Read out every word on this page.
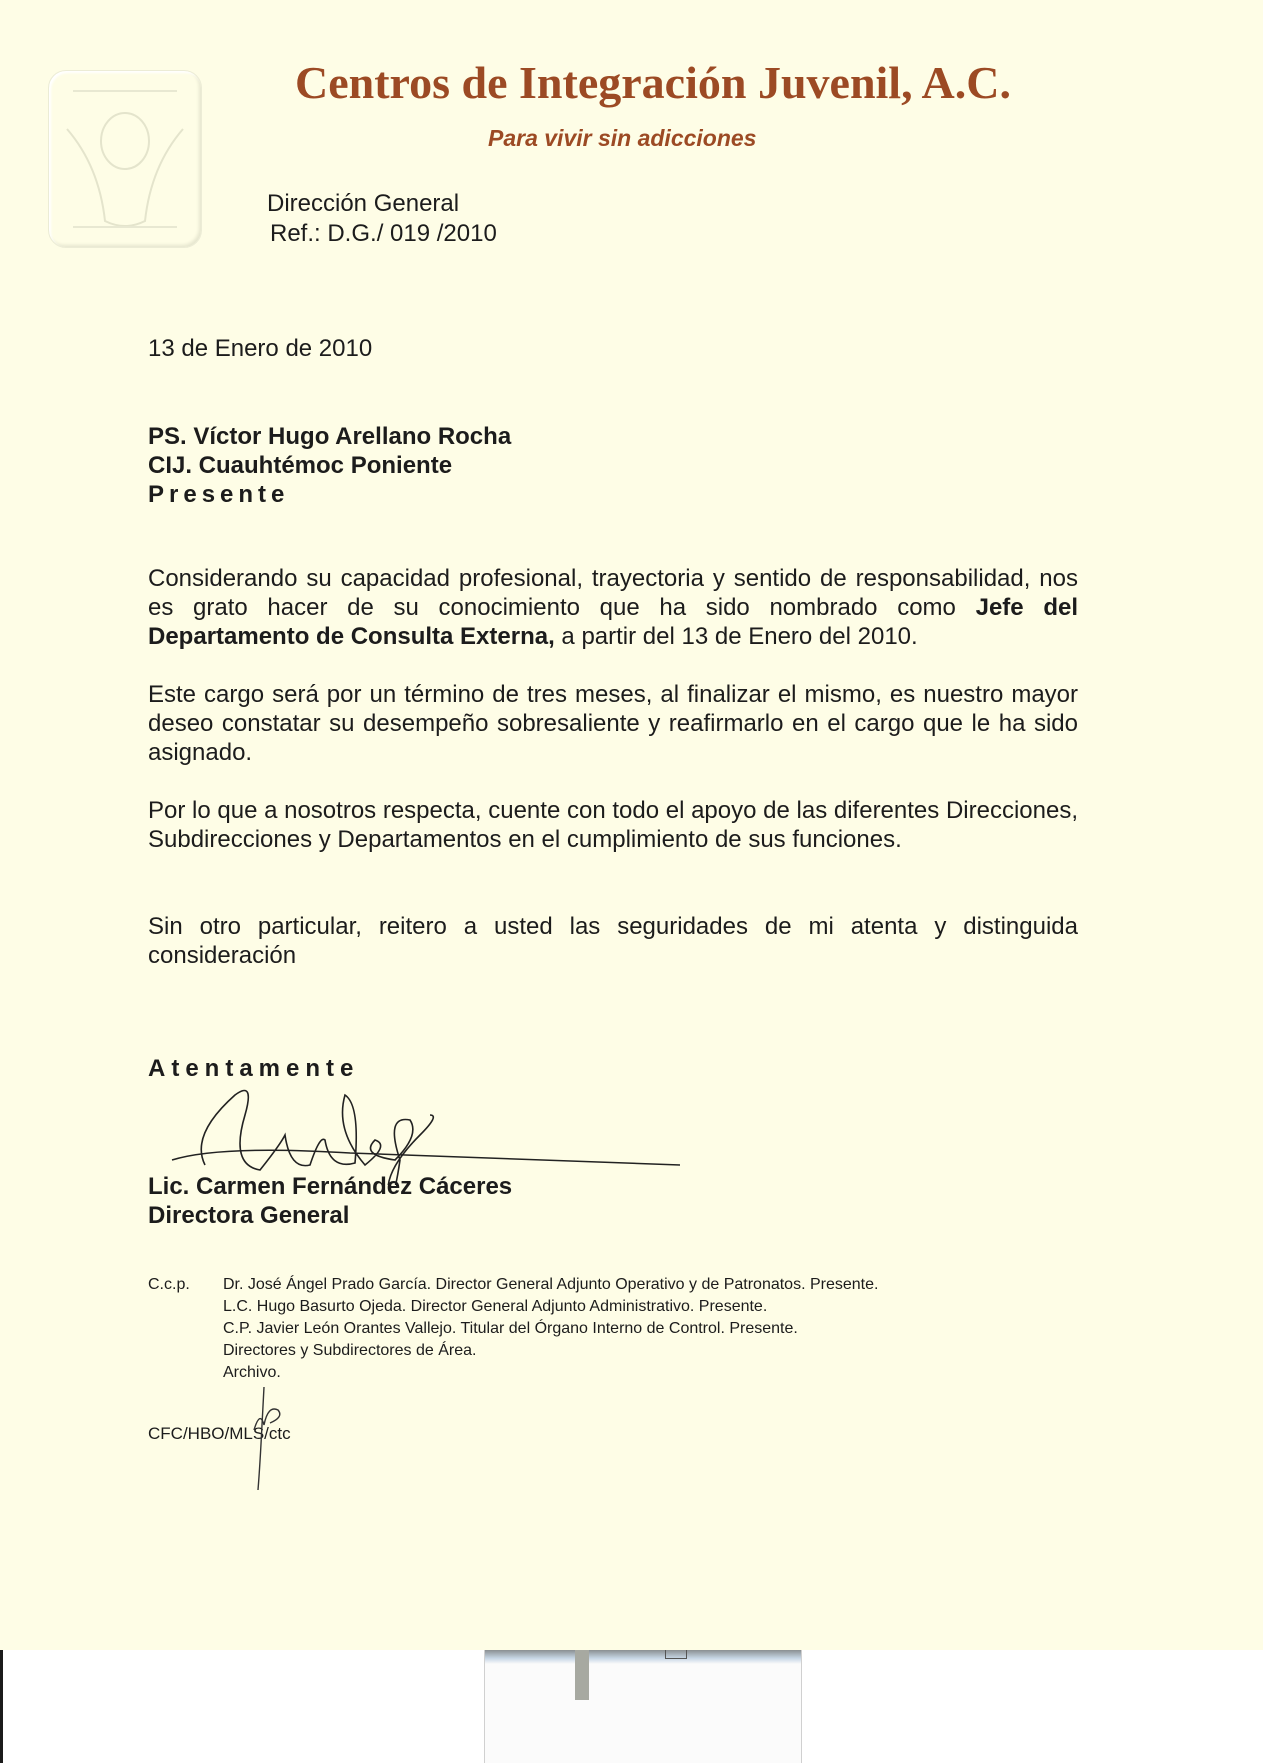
Centros de Integración Juvenil, A.C.
Para vivir sin adicciones
Dirección General
Ref.: D.G./ 019 /2010
13 de Enero de 2010
PS. Víctor Hugo Arellano Rocha
CIJ. Cuauhtémoc Poniente
Presente
Considerando su capacidad profesional, trayectoria y sentido de responsabilidad, nos es grato hacer de su conocimiento que ha sido nombrado como Jefe del Departamento de Consulta Externa, a partir del 13 de Enero del 2010.
Este cargo será por un término de tres meses, al finalizar el mismo, es nuestro mayor deseo constatar su desempeño sobresaliente y reafirmarlo en el cargo que le ha sido asignado.
Por lo que a nosotros respecta, cuente con todo el apoyo de las diferentes Direcciones, Subdirecciones y Departamentos en el cumplimiento de sus funciones.
Sin otro particular, reitero a usted las seguridades de mi atenta y distinguida consideración
Atentamente
Lic. Carmen Fernández Cáceres
Directora General
C.c.p.	Dr. José Ángel Prado García. Director General Adjunto Operativo y de Patronatos. Presente.
L.C. Hugo Basurto Ojeda. Director General Adjunto Administrativo. Presente.
C.P. Javier León Orantes Vallejo. Titular del Órgano Interno de Control. Presente.
Directores y Subdirectores de Área.
Archivo.
CFC/HBO/MLS/ctc
